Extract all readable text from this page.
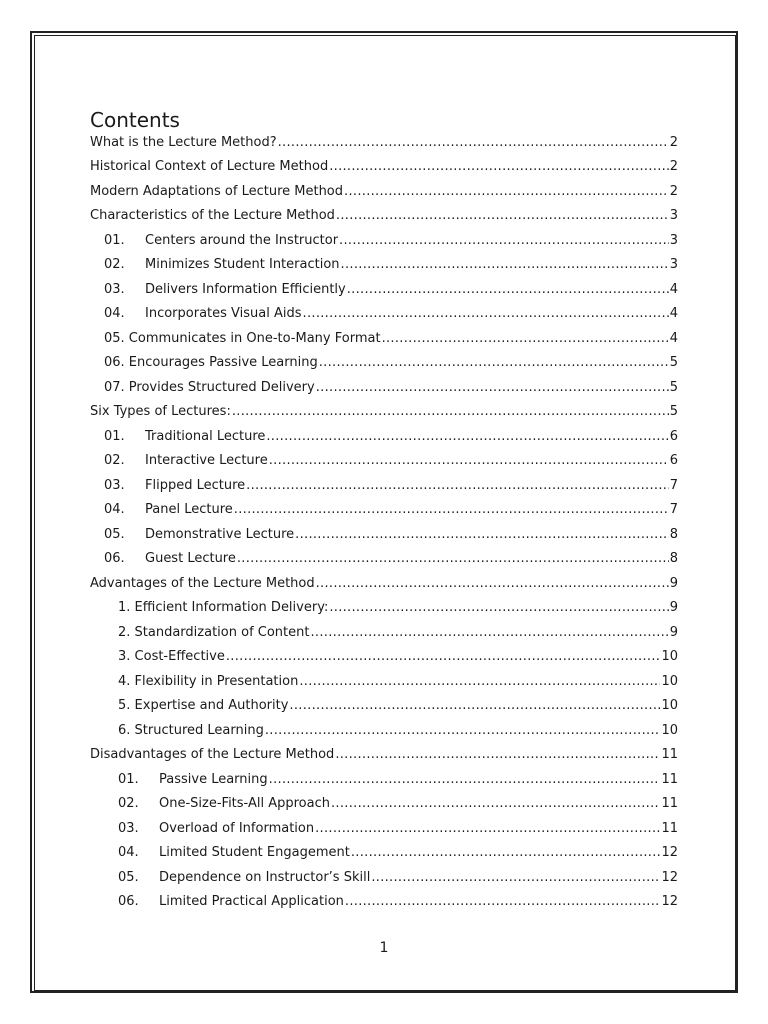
Contents
What is the Lecture Method? .....	2
Historical Context of Lecture Method .....	2
Modern Adaptations of Lecture Method .....	2
Characteristics of the Lecture Method .....	3
01.	Centers around the Instructor .....	3
02.	Minimizes Student Interaction .....	3
03.	Delivers Information Efficiently .....	4
04.	Incorporates Visual Aids .....	4
05. Communicates in One-to-Many Format .....	4
06. Encourages Passive Learning .....	5
07. Provides Structured Delivery .....	5
Six Types of Lectures: .....	5
01.	Traditional Lecture .....	6
02.	Interactive Lecture .....	6
03.	Flipped Lecture .....	7
04.	Panel Lecture .....	7
05.	Demonstrative Lecture .....	8
06.	Guest Lecture .....	8
Advantages of the Lecture Method .....	9
1. Efficient Information Delivery: .....	9
2. Standardization of Content .....	9
3. Cost-Effective .....	10
4. Flexibility in Presentation .....	10
5. Expertise and Authority .....	10
6. Structured Learning .....	10
Disadvantages of the Lecture Method .....	11
01.	Passive Learning .....	11
02.	One-Size-Fits-All Approach .....	11
03.	Overload of Information .....	11
04.	Limited Student Engagement .....	12
05.	Dependence on Instructor’s Skill .....	12
06.	Limited Practical Application .....	12
1
